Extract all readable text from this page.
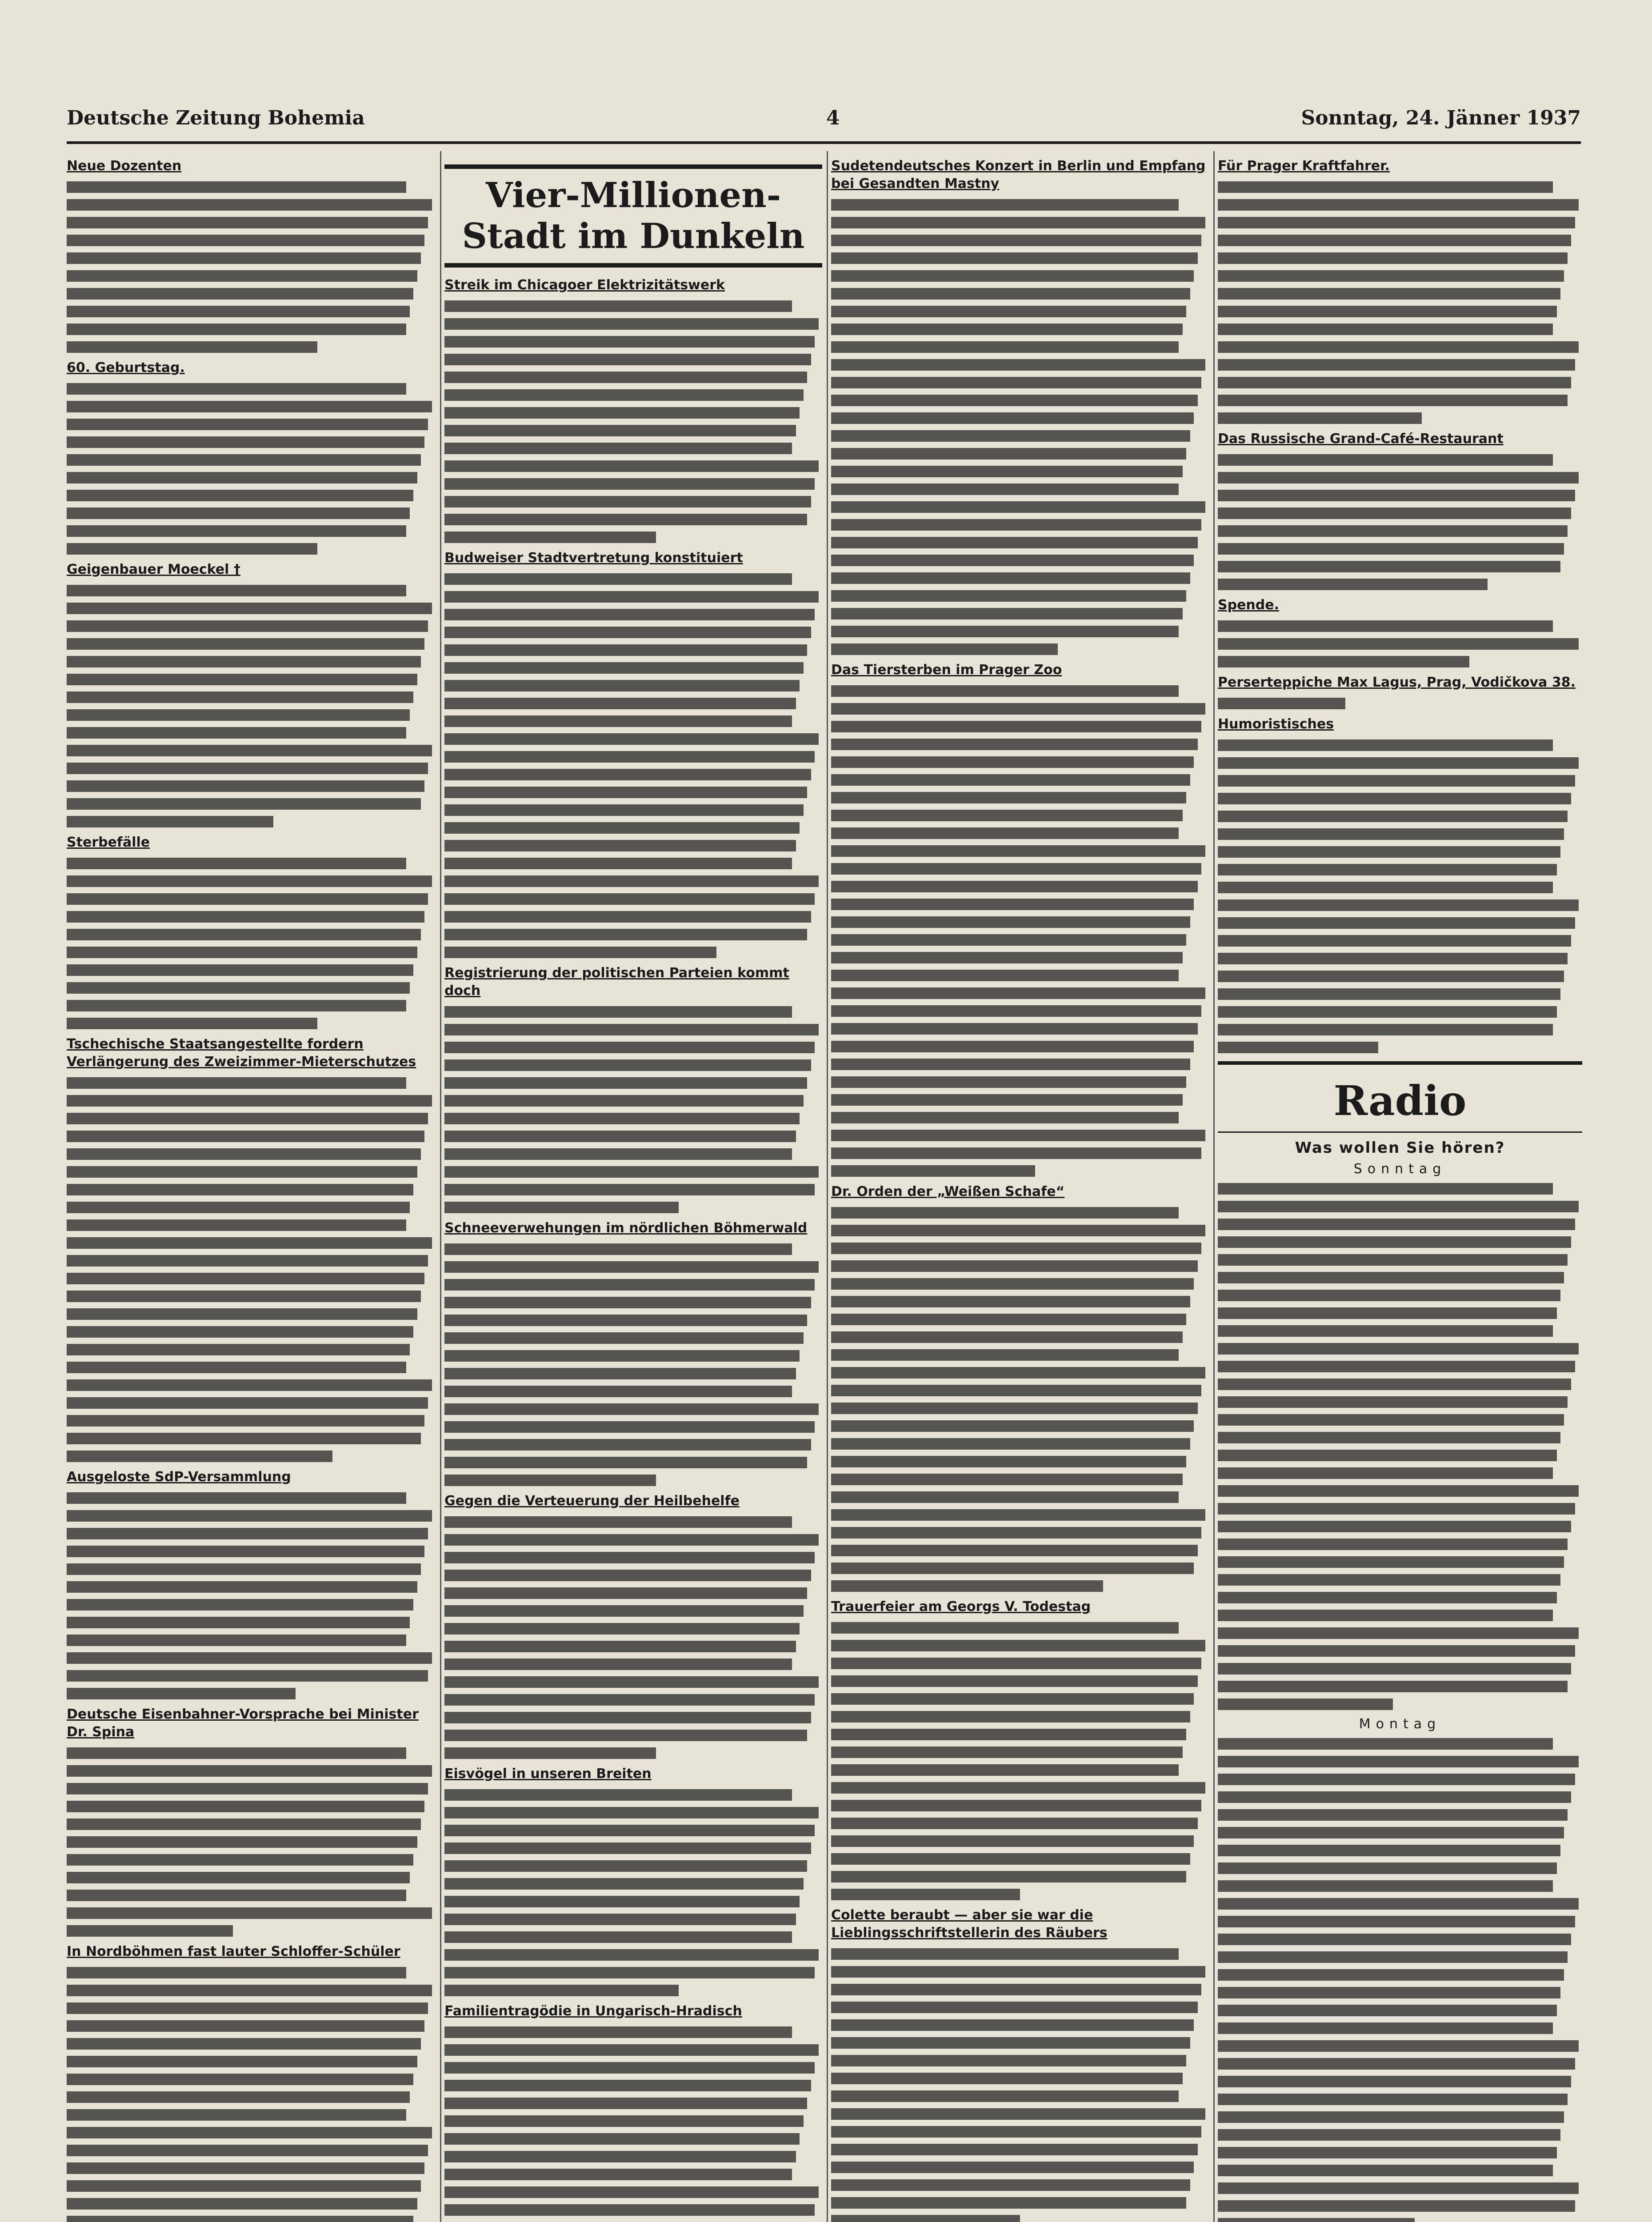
Deutsche Zeitung Bohemia	4	Sonntag, 24. Jänner 1937
Neue Dozenten
60. Geburtstag.
Geigenbauer Moeckel †
Sterbefälle
Tschechische Staatsangestellte fordern Verlängerung des Zweizimmer-Mieterschutzes
Ausgeloste SdP-Versammlung
Deutsche Eisenbahner-Vorsprache bei Minister Dr. Spina
In Nordböhmen fast lauter Schloffer-Schüler
Vier-Millionen-Stadt im Dunkeln
Streik im Chicagoer Elektrizitätswerk
Budweiser Stadtvertretung konstituiert
Registrierung der politischen Parteien kommt doch
Schneeverwehungen im nördlichen Böhmerwald
Gegen die Verteuerung der Heilbehelfe
Eisvögel in unseren Breiten
Familientragödie in Ungarisch-Hradisch
Sudetendeutsches Konzert in Berlin und Empfang bei Gesandten Mastny
Das Tiersterben im Prager Zoo
Dr. Orden der „Weißen Schafe“
Trauerfeier am Georgs V. Todestag
Colette beraubt — aber sie war die Lieblingsschriftstellerin des Räubers
Für Prager Kraftfahrer.
Das Russische Grand-Café-Restaurant
Spende.
Perserteppiche Max Lagus, Prag, Vodičkova 38.
Humoristisches
Radio
Was wollen Sie hören?
Sonntag
Montag
